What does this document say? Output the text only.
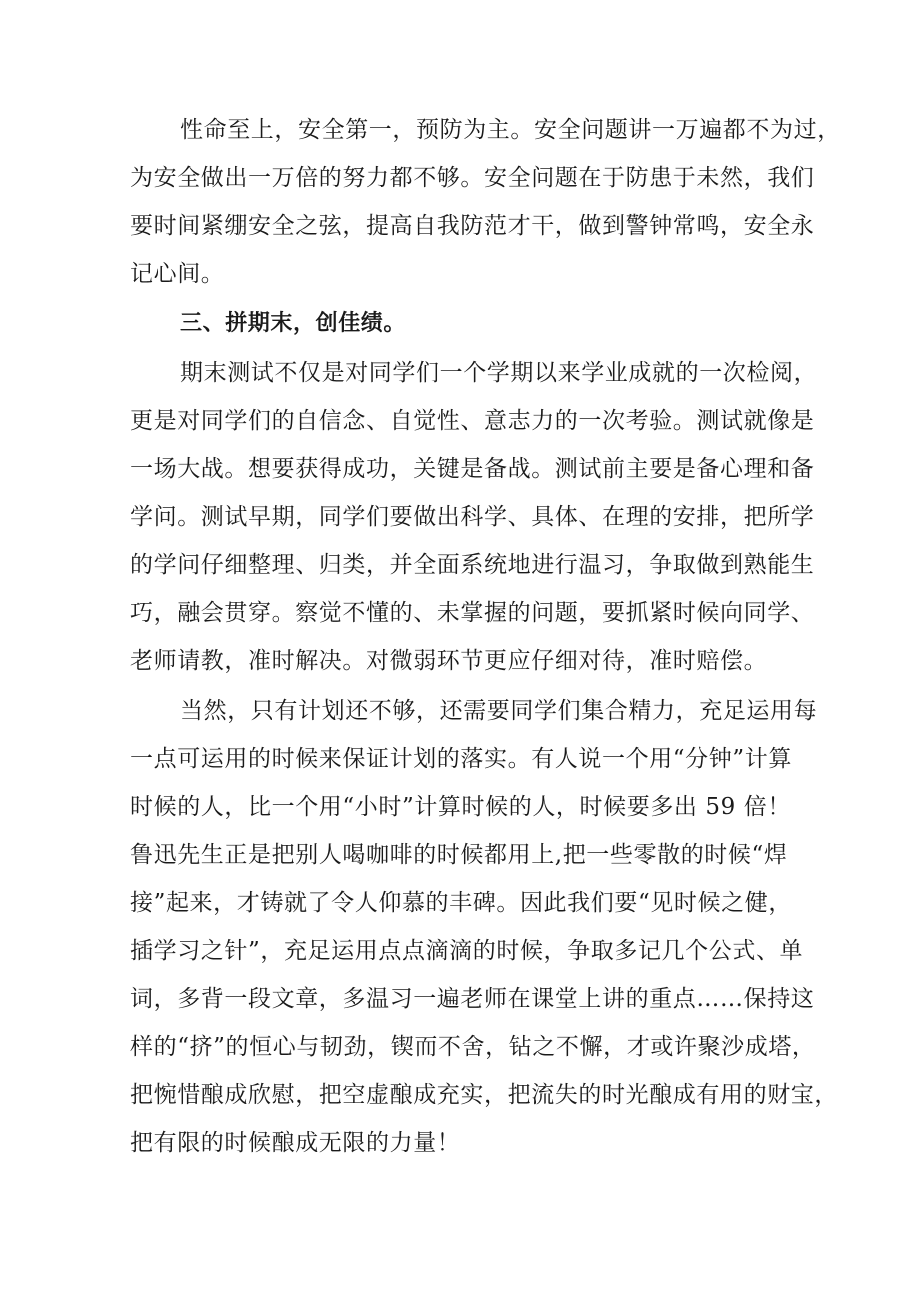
性命至上，安全第一，预防为主。安全问题讲一万遍都不为过，
为安全做出一万倍的努力都不够。安全问题在于防患于未然，我们
要时间紧绷安全之弦，提高自我防范才干，做到警钟常鸣，安全永
记心间。
三、拼期末，创佳绩。
期末测试不仅是对同学们一个学期以来学业成就的一次检阅，
更是对同学们的自信念、自觉性、意志力的一次考验。测试就像是
一场大战。想要获得成功，关键是备战。测试前主要是备心理和备
学问。测试早期，同学们要做出科学、具体、在理的安排，把所学
的学问仔细整理、归类，并全面系统地进行温习，争取做到熟能生
巧，融会贯穿。察觉不懂的、未掌握的问题，要抓紧时候向同学、
老师请教，准时解决。对微弱环节更应仔细对待，准时赔偿。
当然，只有计划还不够，还需要同学们集合精力，充足运用每
一点可运用的时候来保证计划的落实。有人说一个用“分钟”计算
时候的人，比一个用“小时”计算时候的人，时候要多出 59 倍！
鲁迅先生正是把别人喝咖啡的时候都用上,把一些零散的时候“焊
接”起来，才铸就了令人仰慕的丰碑。因此我们要“见时候之健，
插学习之针”，充足运用点点滴滴的时候，争取多记几个公式、单
词，多背一段文章，多温习一遍老师在课堂上讲的重点……保持这
样的“挤”的恒心与韧劲，锲而不舍，钻之不懈，才或许聚沙成塔，
把惋惜酿成欣慰，把空虚酿成充实，把流失的时光酿成有用的财宝，
把有限的时候酿成无限的力量！
